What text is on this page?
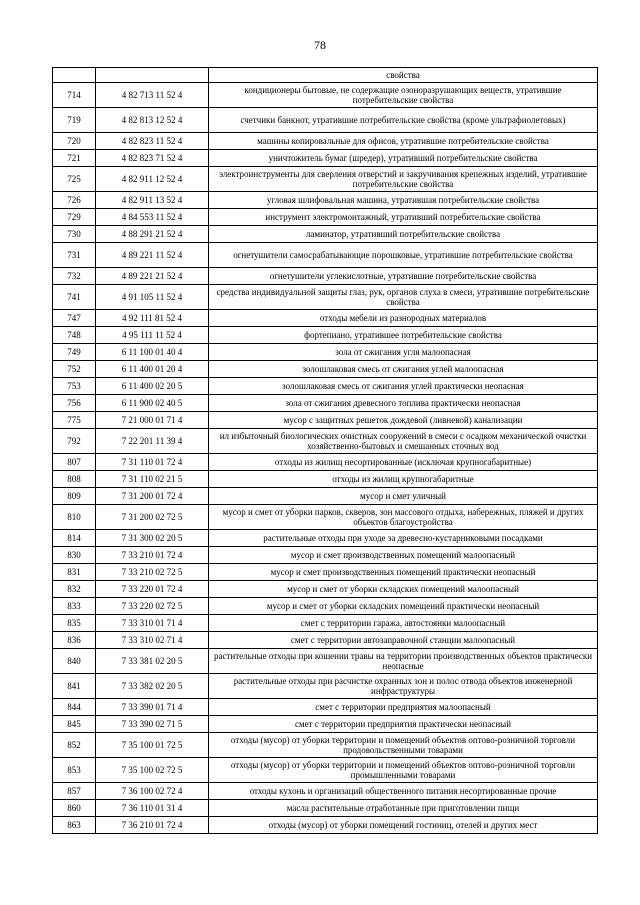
78
		свойства
714	4 82 713 11 52 4	кондиционеры бытовые, не содержащие озоноразрушающих веществ, утратившие потребительские свойства
719	4 82 813 12 52 4	счетчики банкнот, утратившие потребительские свойства (кроме ультрафиолетовых)
720	4 82 823 11 52 4	машины копировальные для офисов, утратившие потребительские свойства
721	4 82 823 71 52 4	уничтожитель бумаг (шредер), утративший потребительские свойства
725	4 82 911 12 52 4	электроинструменты для сверления отверстий и закручивания крепежных изделий, утратившие потребительские свойства
726	4 82 911 13 52 4	угловая шлифовальная машина, утратившая потребительские свойства
729	4 84 553 11 52 4	инструмент электромонтажный, утративший потребительские свойства
730	4 88 291 21 52 4	ламинатор, утративший потребительские свойства
731	4 89 221 11 52 4	огнетушители самосрабатывающие порошковые, утратившие потребительские свойства
732	4 89 221 21 52 4	огнетушители углекислотные, утратившие потребительские свойства
741	4 91 105 11 52 4	средства индивидуальной защиты глаз, рук, органов слуха в смеси, утратившие потребительские свойства
747	4 92 111 81 52 4	отходы мебели из разнородных материалов
748	4 95 111 11 52 4	фортепиано, утратившее потребительские свойства
749	6 11 100 01 40 4	зола от сжигания угля малоопасная
752	6 11 400 01 20 4	золошлаковая смесь от сжигания углей малоопасная
753	6 11 400 02 20 5	золошлаковая смесь от сжигания углей практически неопасная
756	6 11 900 02 40 5	зола от сжигания древесного топлива практически неопасная
775	7 21 000 01 71 4	мусор с защитных решеток дождевой (ливневой) канализации
792	7 22 201 11 39 4	ил избыточный биологических очистных сооружений в смеси с осадком механической очистки хозяйственно-бытовых и смешанных сточных вод
807	7 31 110 01 72 4	отходы из жилищ несортированные (исключая крупногабаритные)
808	7 31 110 02 21 5	отходы из жилищ крупногабаритные
809	7 31 200 01 72 4	мусор и смет уличный
810	7 31 200 02 72 5	мусор и смет от уборки парков, скверов, зон массового отдыха, набережных, пляжей и других объектов благоустройства
814	7 31 300 02 20 5	растительные отходы при уходе за древесно-кустарниковыми посадками
830	7 33 210 01 72 4	мусор и смет производственных помещений малоопасный
831	7 33 210 02 72 5	мусор и смет производственных помещений практически неопасный
832	7 33 220 01 72 4	мусор и смет от уборки складских помещений малоопасный
833	7 33 220 02 72 5	мусор и смет от уборки складских помещений практически неопасный
835	7 33 310 01 71 4	смет с территории гаража, автостоянки малоопасный
836	7 33 310 02 71 4	смет с территории автозаправочной станции малоопасный
840	7 33 381 02 20 5	растительные отходы при кошении травы на территории производственных объектов практически неопасные
841	7 33 382 02 20 5	растительные отходы при расчистке охранных зон и полос отвода объектов инженерной инфраструктуры
844	7 33 390 01 71 4	смет с территории предприятия малоопасный
845	7 33 390 02 71 5	смет с территории предприятия практически неопасный
852	7 35 100 01 72 5	отходы (мусор) от уборки территории и помещений объектов оптово-розничной торговли продовольственными товарами
853	7 35 100 02 72 5	отходы (мусор) от уборки территории и помещений объектов оптово-розничной торговли промышленными товарами
857	7 36 100 02 72 4	отходы кухонь и организаций общественного питания несортированные прочие
860	7 36 110 01 31 4	масла растительные отработанные при приготовлении пищи
863	7 36 210 01 72 4	отходы (мусор) от уборки помещений гостиниц, отелей и других мест
